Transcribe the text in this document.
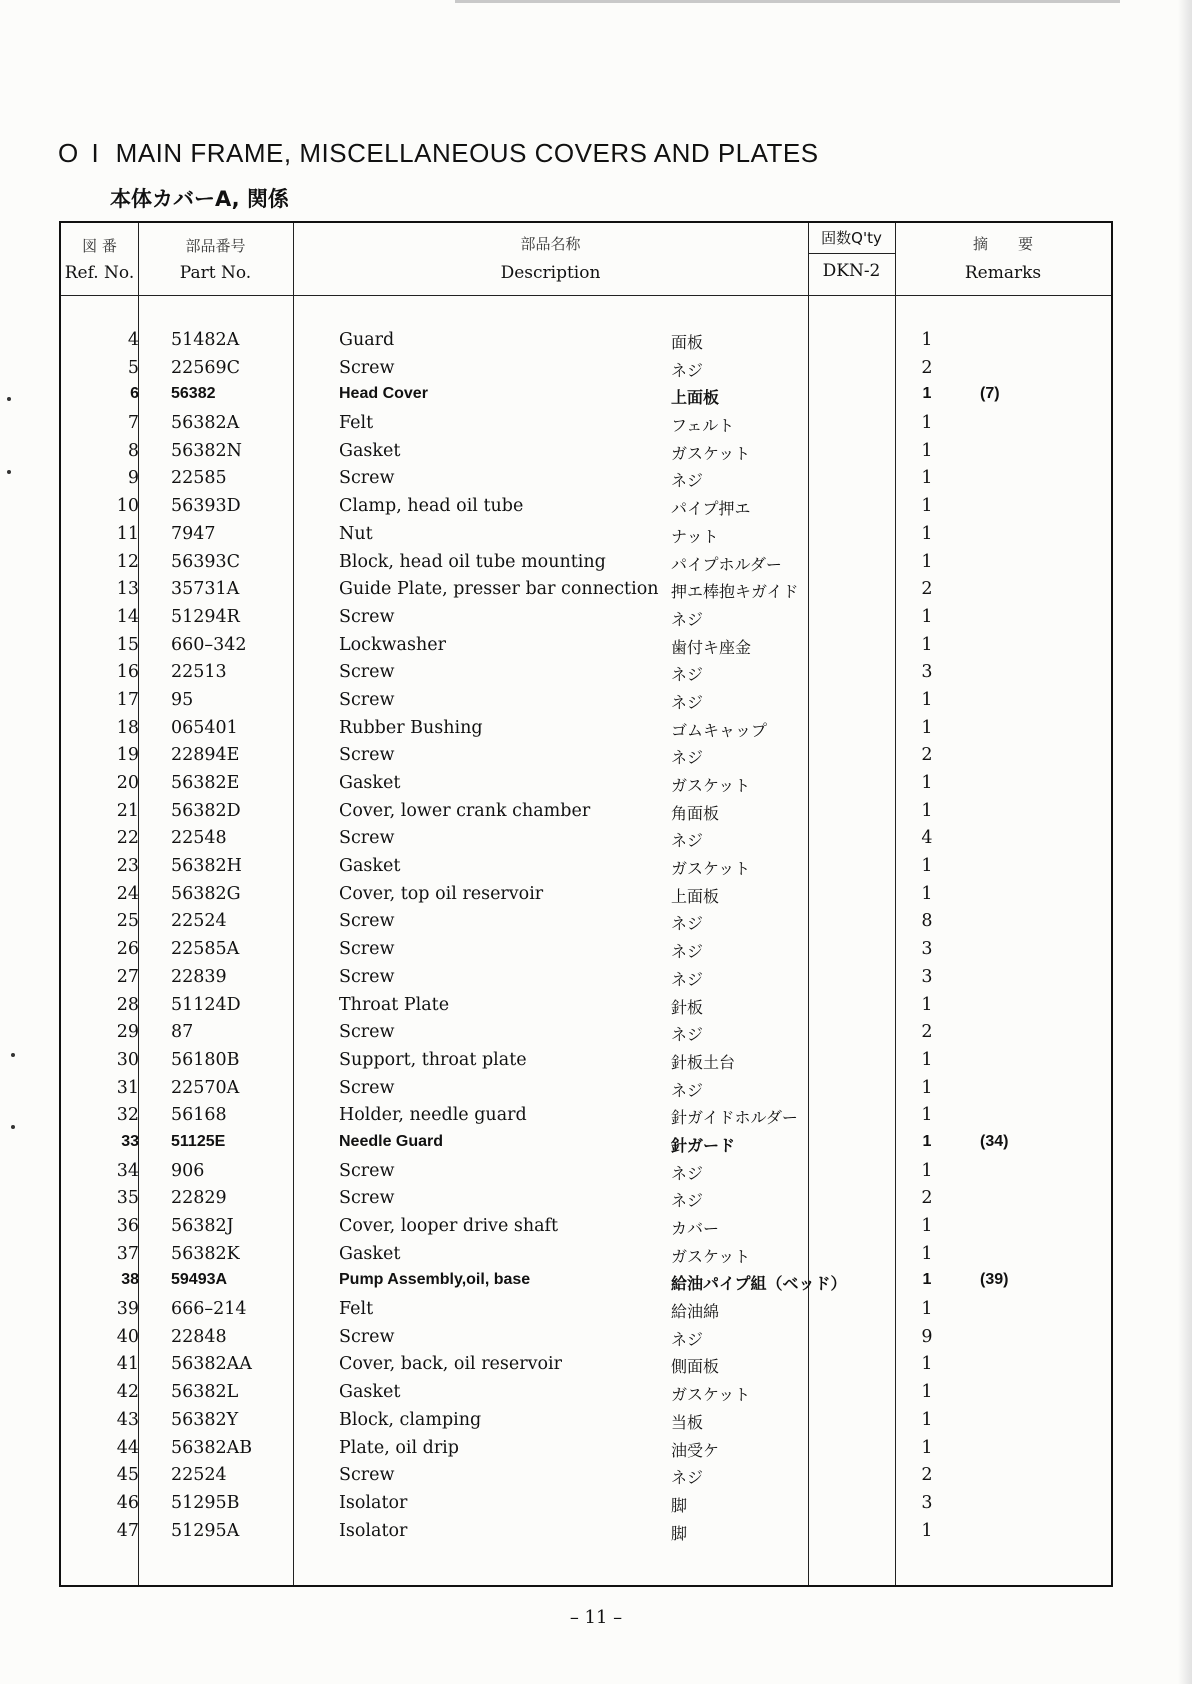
O I MAIN FRAME, MISCELLANEOUS COVERS AND PLATES
本体カバーA, 関係
図 番
Ref. No.
部品番号
Part No.
部品名称
Description
固数Q'ty
DKN-2
摘　　要
Remarks
4 51482A	Guard	面板	1
5 22569C	Screw	ネジ	2
6 56382	Head Cover	上面板	1	(7)
7 56382A	Felt	フェルト	1
8 56382N	Gasket	ガスケット	1
9 22585	Screw	ネジ	1
10 56393D	Clamp, head oil tube	パイプ押エ	1
11 7947	Nut	ナット	1
12 56393C	Block, head oil tube mounting	パイプホルダー	1
13 35731A	Guide Plate, presser bar connection 押エ棒抱キガイド	2
14 51294R	Screw	ネジ	1
15 660–342	Lockwasher	歯付キ座金	1
16 22513	Screw	ネジ	3
17 95	Screw	ネジ	1
18 065401	Rubber Bushing	ゴムキャップ	1
19 22894E	Screw	ネジ	2
20 56382E	Gasket	ガスケット	1
21 56382D	Cover, lower crank chamber	角面板	1
22 22548	Screw	ネジ	4
23 56382H	Gasket	ガスケット	1
24 56382G	Cover, top oil reservoir	上面板	1
25 22524	Screw	ネジ	8
26 22585A	Screw	ネジ	3
27 22839	Screw	ネジ	3
28 51124D	Throat Plate	針板	1
29 87	Screw	ネジ	2
30 56180B	Support, throat plate	針板土台	1
31 22570A	Screw	ネジ	1
32 56168	Holder, needle guard	針ガイドホルダー	1
33 51125E	Needle Guard	針ガード	1	(34)
34 906	Screw	ネジ	1
35 22829	Screw	ネジ	2
36 56382J	Cover, looper drive shaft	カバー	1
37 56382K	Gasket	ガスケット	1
38 59493A	Pump Assembly,oil, base	給油パイプ組（ベッド）	1	(39)
39 666–214	Felt	給油綿	1
40 22848	Screw	ネジ	9
41 56382AA	Cover, back, oil reservoir	側面板	1
42 56382L	Gasket	ガスケット	1
43 56382Y	Block, clamping	当板	1
44 56382AB	Plate, oil drip	油受ケ	1
45 22524	Screw	ネジ	2
46 51295B	Isolator	脚	3
47 51295A	Isolator	脚	1
– 11 –
